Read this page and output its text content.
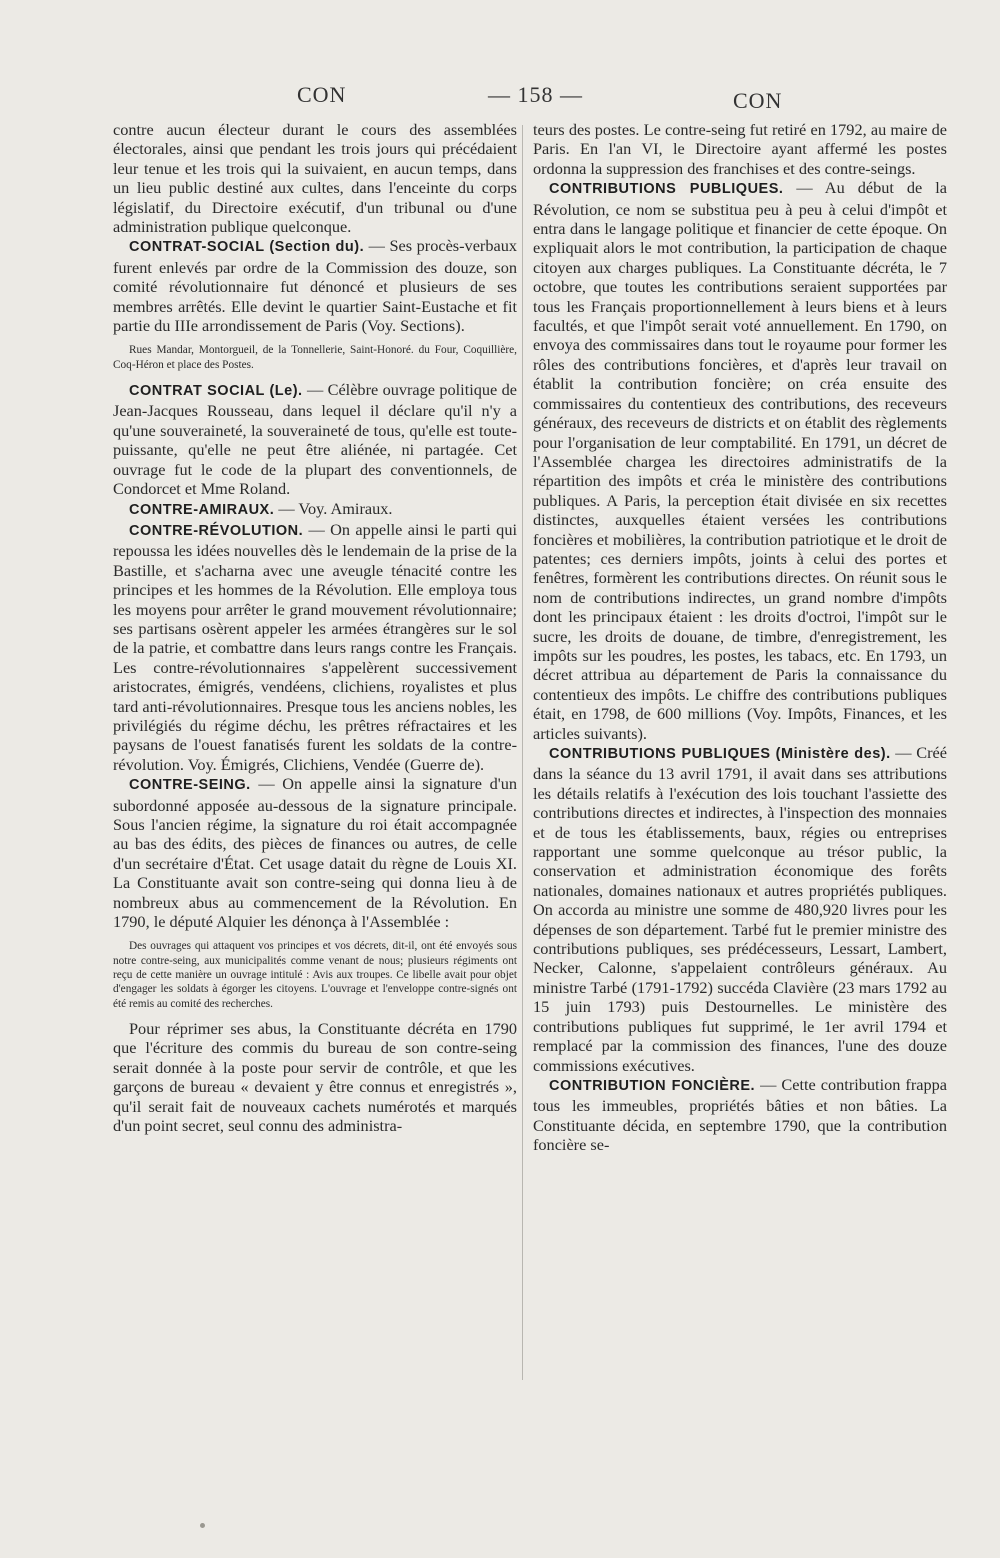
CON	— 158 —	CON

contre aucun électeur durant le cours des assemblées électorales, ainsi que pendant les trois jours qui précédaient leur tenue et les trois qui la suivaient, en aucun temps, dans un lieu public destiné aux cultes, dans l'enceinte du corps législatif, du Directoire exécutif, d'un tribunal ou d'une administration publique quelconque.

CONTRAT-SOCIAL (Section du). — Ses procès-verbaux furent enlevés par ordre de la Commission des douze, son comité révolutionnaire fut dénoncé et plusieurs de ses membres arrêtés. Elle devint le quartier Saint-Eustache et fit partie du IIIe arrondissement de Paris (Voy. Sections).

Rues Mandar, Montorgueil, de la Tonnellerie, Saint-Honoré. du Four, Coquillière, Coq-Héron et place des Postes.

CONTRAT SOCIAL (Le). — Célèbre ouvrage politique de Jean-Jacques Rousseau, dans lequel il déclare qu'il n'y a qu'une souveraineté, la souveraineté de tous, qu'elle est toute-puissante, qu'elle ne peut être aliénée, ni partagée. Cet ouvrage fut le code de la plupart des conventionnels, de Condorcet et Mme Roland.

CONTRE-AMIRAUX. — Voy. Amiraux.

CONTRE-RÉVOLUTION. — On appelle ainsi le parti qui repoussa les idées nouvelles dès le lendemain de la prise de la Bastille, et s'acharna avec une aveugle ténacité contre les principes et les hommes de la Révolution. Elle employa tous les moyens pour arrêter le grand mouvement révolutionnaire; ses partisans osèrent appeler les armées étrangères sur le sol de la patrie, et combattre dans leurs rangs contre les Français. Les contre-révolutionnaires s'appelèrent successivement aristocrates, émigrés, vendéens, clichiens, royalistes et plus tard anti-révolutionnaires. Presque tous les anciens nobles, les privilégiés du régime déchu, les prêtres réfractaires et les paysans de l'ouest fanatisés furent les soldats de la contre-révolution. Voy. Émigrés, Clichiens, Vendée (Guerre de).

CONTRE-SEING. — On appelle ainsi la signature d'un subordonné apposée au-dessous de la signature principale. Sous l'ancien régime, la signature du roi était accompagnée au bas des édits, des pièces de finances ou autres, de celle d'un secrétaire d'État. Cet usage datait du règne de Louis XI. La Constituante avait son contre-seing qui donna lieu à de nombreux abus au commencement de la Révolution. En 1790, le député Alquier les dénonça à l'Assemblée :

Des ouvrages qui attaquent vos principes et vos décrets, dit-il, ont été envoyés sous notre contre-seing, aux municipalités comme venant de nous; plusieurs régiments ont reçu de cette manière un ouvrage intitulé : Avis aux troupes. Ce libelle avait pour objet d'engager les soldats à égorger les citoyens. L'ouvrage et l'enveloppe contre-signés ont été remis au comité des recherches.

Pour réprimer ses abus, la Constituante décréta en 1790 que l'écriture des commis du bureau de son contre-seing serait donnée à la poste pour servir de contrôle, et que les garçons de bureau « devaient y être connus et enregistrés », qu'il serait fait de nouveaux cachets numérotés et marqués d'un point secret, seul connu des administra-

teurs des postes. Le contre-seing fut retiré en 1792, au maire de Paris. En l'an VI, le Directoire ayant affermé les postes ordonna la suppression des franchises et des contre-seings.

CONTRIBUTIONS PUBLIQUES. — Au début de la Révolution, ce nom se substitua peu à peu à celui d'impôt et entra dans le langage politique et financier de cette époque. On expliquait alors le mot contribution, la participation de chaque citoyen aux charges publiques. La Constituante décréta, le 7 octobre, que toutes les contributions seraient supportées par tous les Français proportionnellement à leurs biens et à leurs facultés, et que l'impôt serait voté annuellement. En 1790, on envoya des commissaires dans tout le royaume pour former les rôles des contributions foncières, et d'après leur travail on établit la contribution foncière; on créa ensuite des commissaires du contentieux des contributions, des receveurs généraux, des receveurs de districts et on établit des règlements pour l'organisation de leur comptabilité. En 1791, un décret de l'Assemblée chargea les directoires administratifs de la répartition des impôts et créa le ministère des contributions publiques. A Paris, la perception était divisée en six recettes distinctes, auxquelles étaient versées les contributions foncières et mobilières, la contribution patriotique et le droit de patentes; ces derniers impôts, joints à celui des portes et fenêtres, formèrent les contributions directes. On réunit sous le nom de contributions indirectes, un grand nombre d'impôts dont les principaux étaient : les droits d'octroi, l'impôt sur le sucre, les droits de douane, de timbre, d'enregistrement, les impôts sur les poudres, les postes, les tabacs, etc. En 1793, un décret attribua au département de Paris la connaissance du contentieux des impôts. Le chiffre des contributions publiques était, en 1798, de 600 millions (Voy. Impôts, Finances, et les articles suivants).

CONTRIBUTIONS PUBLIQUES (Ministère des). — Créé dans la séance du 13 avril 1791, il avait dans ses attributions les détails relatifs à l'exécution des lois touchant l'assiette des contributions directes et indirectes, à l'inspection des monnaies et de tous les établissements, baux, régies ou entreprises rapportant une somme quelconque au trésor public, la conservation et administration économique des forêts nationales, domaines nationaux et autres propriétés publiques. On accorda au ministre une somme de 480,920 livres pour les dépenses de son département. Tarbé fut le premier ministre des contributions publiques, ses prédécesseurs, Lessart, Lambert, Necker, Calonne, s'appelaient contrôleurs généraux. Au ministre Tarbé (1791-1792) succéda Clavière (23 mars 1792 au 15 juin 1793) puis Destournelles. Le ministère des contributions publiques fut supprimé, le 1er avril 1794 et remplacé par la commission des finances, l'une des douze commissions exécutives.

CONTRIBUTION FONCIÈRE. — Cette contribution frappa tous les immeubles, propriétés bâties et non bâties. La Constituante décida, en septembre 1790, que la contribution foncière se-
